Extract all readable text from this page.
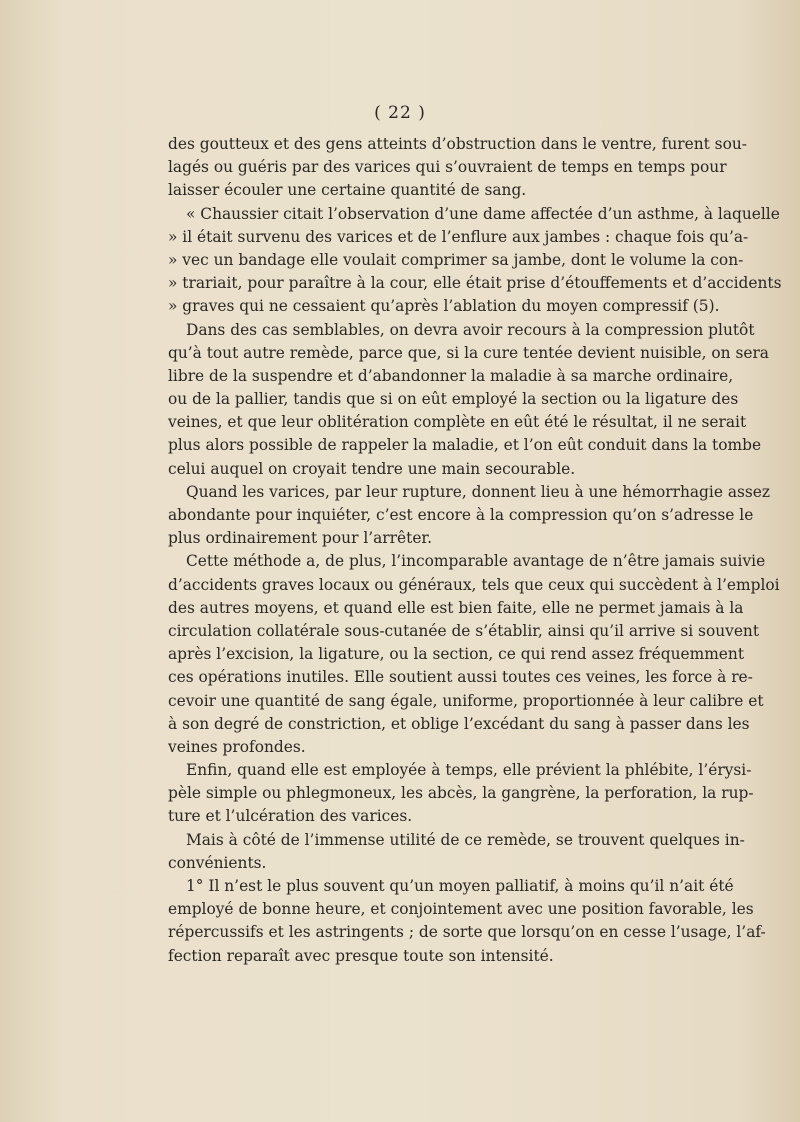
( 22 )
des goutteux et des gens atteints d’obstruction dans le ventre, furent sou-
lagés ou guéris par des varices qui s’ouvraient de temps en temps pour
laisser écouler une certaine quantité de sang.
« Chaussier citait l’observation d’une dame affectée d’un asthme, à laquelle
» il était survenu des varices et de l’enflure aux jambes : chaque fois qu’a-
» vec un bandage elle voulait comprimer sa jambe, dont le volume la con-
» trariait, pour paraître à la cour, elle était prise d’étouffements et d’accidents
» graves qui ne cessaient qu’après l’ablation du moyen compressif (5).
Dans des cas semblables, on devra avoir recours à la compression plutôt
qu’à tout autre remède, parce que, si la cure tentée devient nuisible, on sera
libre de la suspendre et d’abandonner la maladie à sa marche ordinaire,
ou de la pallier, tandis que si on eût employé la section ou la ligature des
veines, et que leur oblitération complète en eût été le résultat, il ne serait
plus alors possible de rappeler la maladie, et l’on eût conduit dans la tombe
celui auquel on croyait tendre une main secourable.
Quand les varices, par leur rupture, donnent lieu à une hémorrhagie assez
abondante pour inquiéter, c’est encore à la compression qu’on s’adresse le
plus ordinairement pour l’arrêter.
Cette méthode a, de plus, l’incomparable avantage de n’être jamais suivie
d’accidents graves locaux ou généraux, tels que ceux qui succèdent à l’emploi
des autres moyens, et quand elle est bien faite, elle ne permet jamais à la
circulation collatérale sous-cutanée de s’établir, ainsi qu’il arrive si souvent
après l’excision, la ligature, ou la section, ce qui rend assez fréquemment
ces opérations inutiles. Elle soutient aussi toutes ces veines, les force à re-
cevoir une quantité de sang égale, uniforme, proportionnée à leur calibre et
à son degré de constriction, et oblige l’excédant du sang à passer dans les
veines profondes.
Enfin, quand elle est employée à temps, elle prévient la phlébite, l’érysi-
pèle simple ou phlegmoneux, les abcès, la gangrène, la perforation, la rup-
ture et l’ulcération des varices.
Mais à côté de l’immense utilité de ce remède, se trouvent quelques in-
convénients.
1° Il n’est le plus souvent qu’un moyen palliatif, à moins qu’il n’ait été
employé de bonne heure, et conjointement avec une position favorable, les
répercussifs et les astringents ; de sorte que lorsqu’on en cesse l’usage, l’af-
fection reparaît avec presque toute son intensité.
